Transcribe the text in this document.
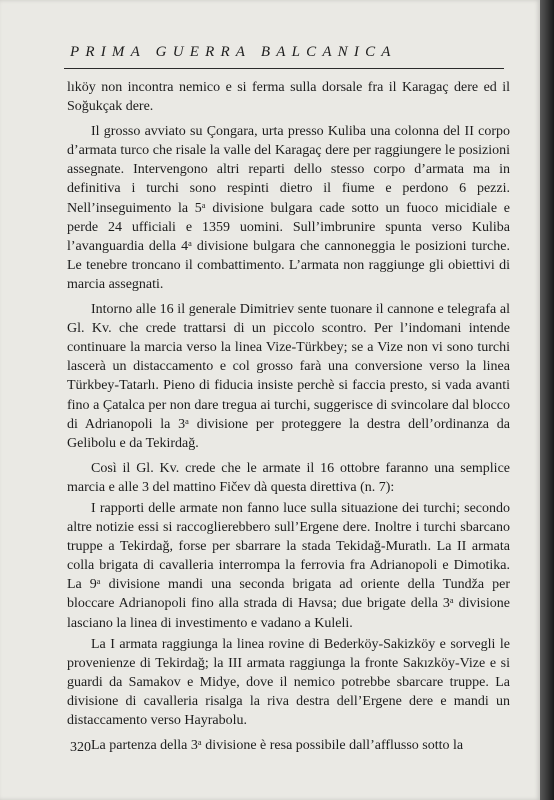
PRIMA GUERRA BALCANICA

lıköy non incontra nemico e si ferma sulla dorsale fra il Karagaç dere ed il Soğukçak dere.

Il grosso avviato su Çongara, urta presso Kuliba una colonna del II corpo d’armata turco che risale la valle del Karagaç dere per raggiungere le posizioni assegnate. Intervengono altri reparti dello stesso corpo d’armata ma in definitiva i turchi sono respinti dietro il fiume e perdono 6 pezzi. Nell’inseguimento la 5ᵃ divisione bulgara cade sotto un fuoco micidiale e perde 24 ufficiali e 1359 uomini. Sull’imbrunire spunta verso Kuliba l’avanguardia della 4ᵃ divisione bulgara che cannoneggia le posizioni turche. Le tenebre troncano il combattimento. L’armata non raggiunge gli obiettivi di marcia assegnati.

Intorno alle 16 il generale Dimitriev sente tuonare il cannone e telegrafa al Gl. Kv. che crede trattarsi di un piccolo scontro. Per l’indomani intende continuare la marcia verso la linea Vize-Türkbey; se a Vize non vi sono turchi lascerà un distaccamento e col grosso farà una conversione verso la linea Türkbey-Tatarlı. Pieno di fiducia insiste perchè si faccia presto, si vada avanti fino a Çatalca per non dare tregua ai turchi, suggerisce di svincolare dal blocco di Adrianopoli la 3ᵃ divisione per proteggere la destra dell’ordinanza da Gelibolu e da Tekirdağ.

Così il Gl. Kv. crede che le armate il 16 ottobre faranno una semplice marcia e alle 3 del mattino Fičev dà questa direttiva (n. 7):

I rapporti delle armate non fanno luce sulla situazione dei turchi; secondo altre notizie essi si raccoglierebbero sull’Ergene dere. Inoltre i turchi sbarcano truppe a Tekirdağ, forse per sbarrare la stada Tekidağ-Muratlı. La II armata colla brigata di cavalleria interrompa la ferrovia fra Adrianopoli e Dimotika. La 9ᵃ divisione mandi una seconda brigata ad oriente della Tundža per bloccare Adrianopoli fino alla strada di Havsa; due brigate della 3ᵃ divisione lasciano la linea di investimento e vadano a Kuleli.

La I armata raggiunga la linea rovine di Bederköy-Sakizköy e sorvegli le provenienze di Tekirdağ; la III armata raggiunga la fronte Sakızköy-Vize e si guardi da Samakov e Midye, dove il nemico potrebbe sbarcare truppe. La divisione di cavalleria risalga la riva destra dell’Ergene dere e mandi un distaccamento verso Hayrabolu.

La partenza della 3ᵃ divisione è resa possibile dall’afflusso sotto la

320
